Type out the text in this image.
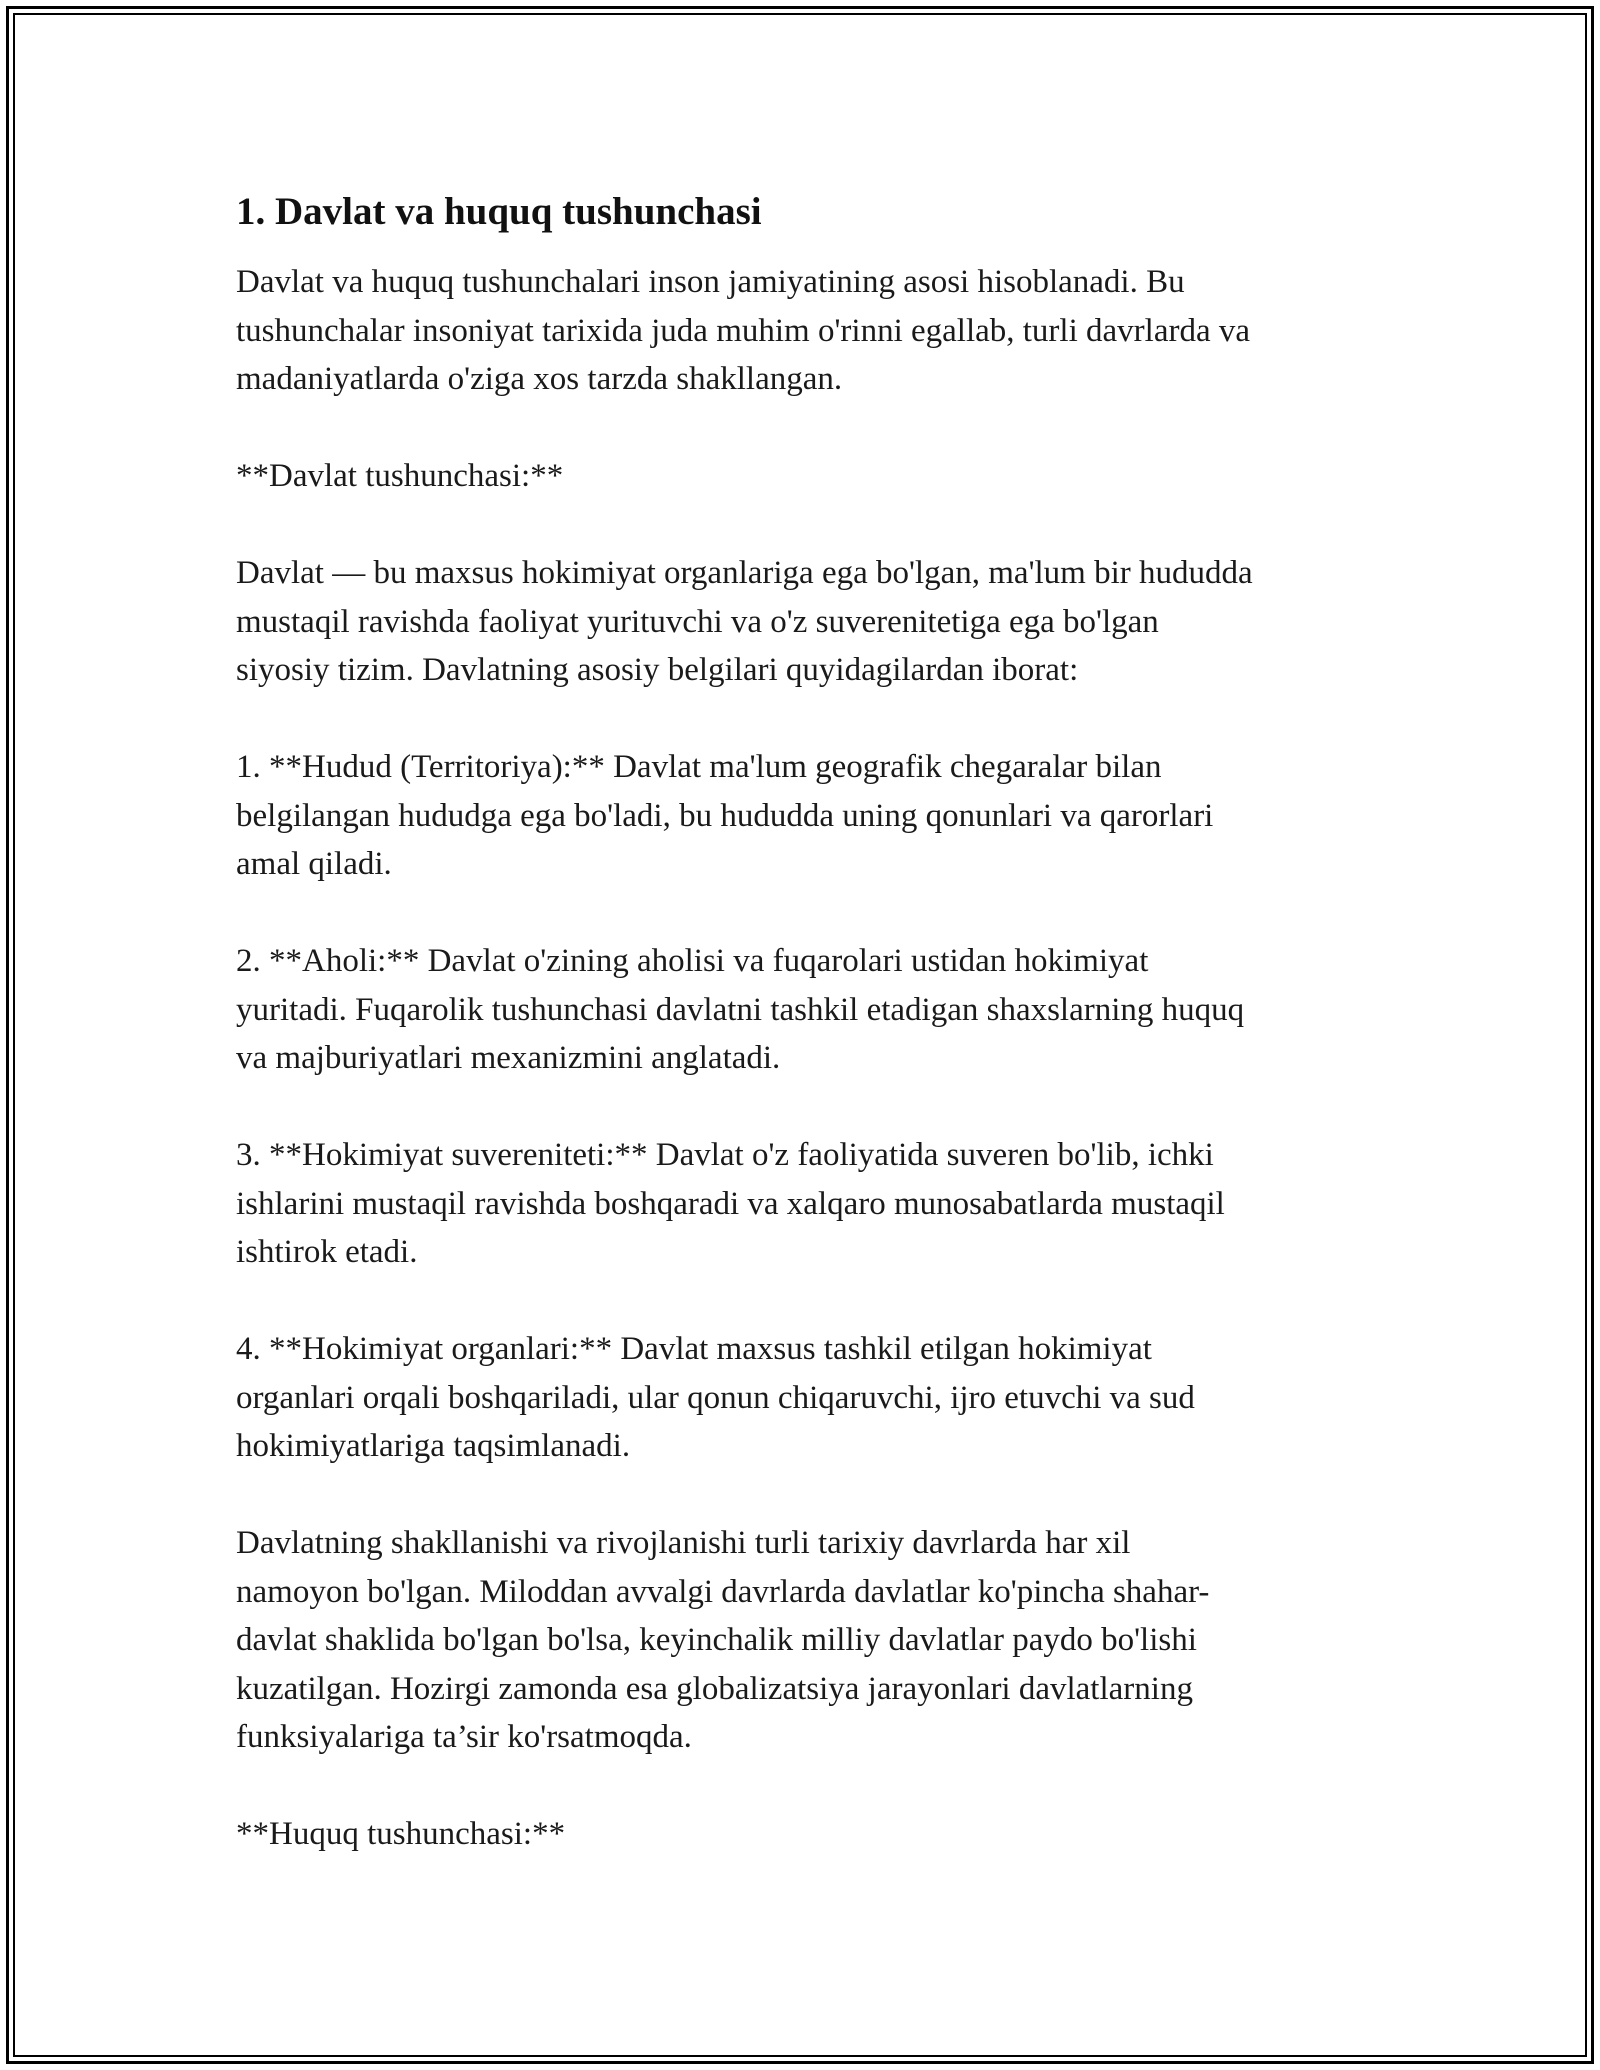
1. Davlat va huquq tushunchasi

Davlat va huquq tushunchalari inson jamiyatining asosi hisoblanadi. Bu
tushunchalar insoniyat tarixida juda muhim o'rinni egallab, turli davrlarda va
madaniyatlarda o'ziga xos tarzda shakllangan.

**Davlat tushunchasi:**

Davlat — bu maxsus hokimiyat organlariga ega bo'lgan, ma'lum bir hududda
mustaqil ravishda faoliyat yurituvchi va o'z suverenitetiga ega bo'lgan
siyosiy tizim. Davlatning asosiy belgilari quyidagilardan iborat:

1. **Hudud (Territoriya):** Davlat ma'lum geografik chegaralar bilan
belgilangan hududga ega bo'ladi, bu hududda uning qonunlari va qarorlari
amal qiladi.

2. **Aholi:** Davlat o'zining aholisi va fuqarolari ustidan hokimiyat
yuritadi. Fuqarolik tushunchasi davlatni tashkil etadigan shaxslarning huquq
va majburiyatlari mexanizmini anglatadi.

3. **Hokimiyat suvereniteti:** Davlat o'z faoliyatida suveren bo'lib, ichki
ishlarini mustaqil ravishda boshqaradi va xalqaro munosabatlarda mustaqil
ishtirok etadi.

4. **Hokimiyat organlari:** Davlat maxsus tashkil etilgan hokimiyat
organlari orqali boshqariladi, ular qonun chiqaruvchi, ijro etuvchi va sud
hokimiyatlariga taqsimlanadi.

Davlatning shakllanishi va rivojlanishi turli tarixiy davrlarda har xil
namoyon bo'lgan. Miloddan avvalgi davrlarda davlatlar ko'pincha shahar-
davlat shaklida bo'lgan bo'lsa, keyinchalik milliy davlatlar paydo bo'lishi
kuzatilgan. Hozirgi zamonda esa globalizatsiya jarayonlari davlatlarning
funksiyalariga ta’sir ko'rsatmoqda.

**Huquq tushunchasi:**
